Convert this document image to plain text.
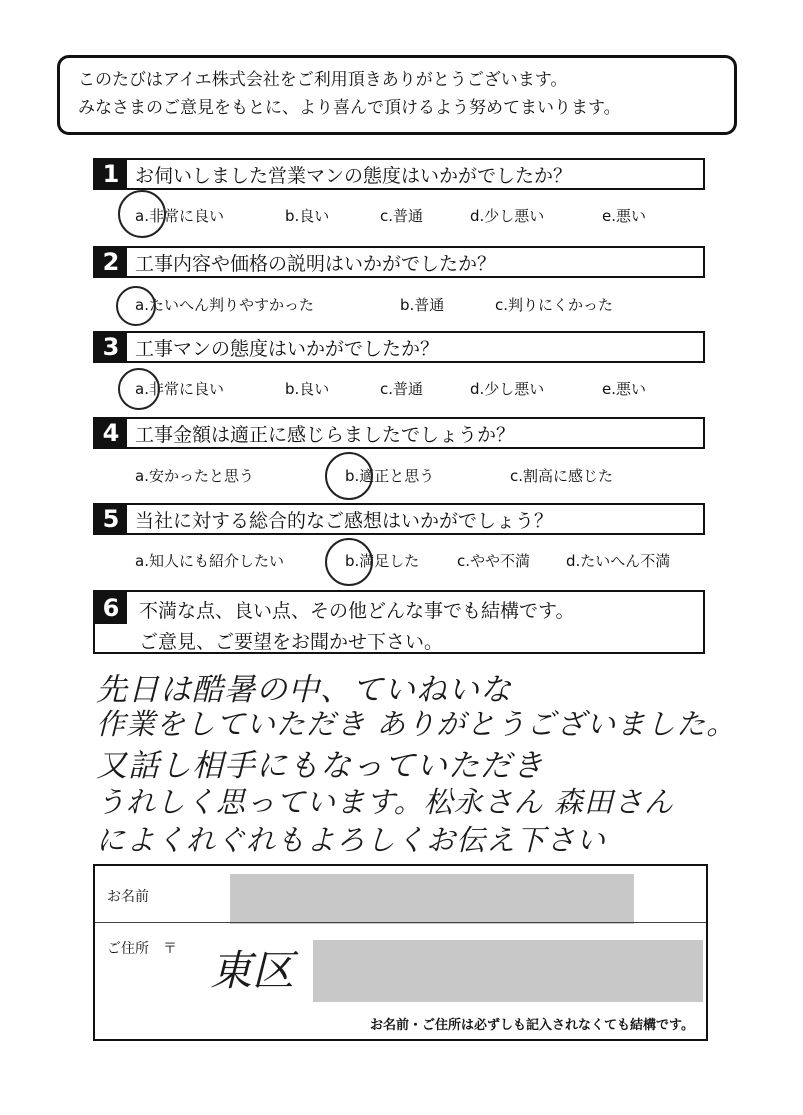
このたびはアイエ株式会社をご利用頂きありがとうございます。
みなさまのご意見をもとに、より喜んで頂けるよう努めてまいります。
1 お伺いしました営業マンの態度はいかがでしたか？
a.非常に良い	b.良い	c.普通	d.少し悪い	e.悪い
2 工事内容や価格の説明はいかがでしたか？
a.たいへん判りやすかった	b.普通	c.判りにくかった
3 工事マンの態度はいかがでしたか？
a.非常に良い	b.良い	c.普通	d.少し悪い	e.悪い
4 工事金額は適正に感じらましたでしょうか？
a.安かったと思う	b.適正と思う	c.割高に感じた
5 当社に対する総合的なご感想はいかがでしょう？
a.知人にも紹介したい	b.満足した	c.やや不満 d.たいへん不満
6	不満な点、良い点、その他どんな事でも結構です。
ご意見、ご要望をお聞かせ下さい。
先日は酷暑の中、ていねいな
作業をしていただき ありがとうございました。
又話し相手にもなっていただき
うれしく思っています。松永さん 森田さん
によくれぐれもよろしくお伝え下さい
お名前
ご住所　〒 東区
お名前・ご住所は必ずしも記入されなくても結構です。
